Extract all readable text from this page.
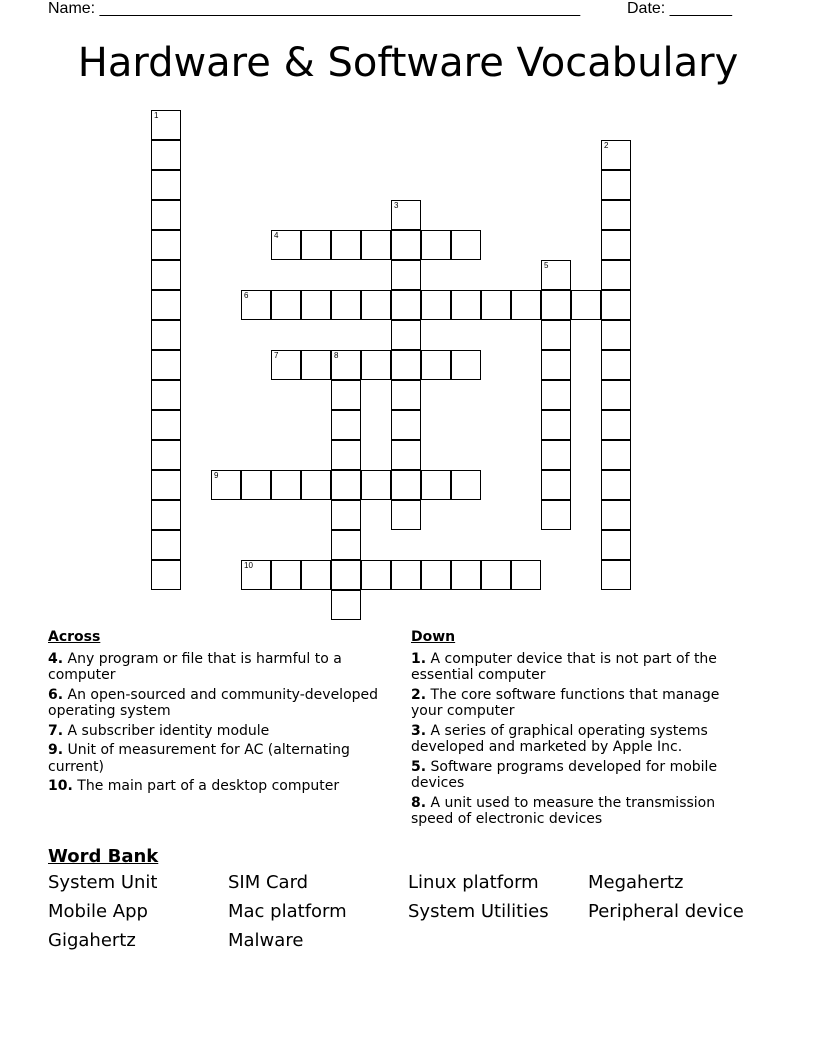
Name: ______________________________________________________	Date: _______
Hardware & Software Vocabulary
1
2
3
4
5
6
7	8
9
10
Across
4. Any program or file that is harmful to a computer
6. An open-sourced and community-developed operating system
7. A subscriber identity module
9. Unit of measurement for AC (alternating current)
10. The main part of a desktop computer
Down
1. A computer device that is not part of the essential computer
2. The core software functions that manage your computer
3. A series of graphical operating systems developed and marketed by Apple Inc.
5. Software programs developed for mobile devices
8. A unit used to measure the transmission speed of electronic devices
Word Bank
System Unit	SIM Card	Linux platform	Megahertz
Mobile App	Mac platform	System Utilities	Peripheral device
Gigahertz	Malware
